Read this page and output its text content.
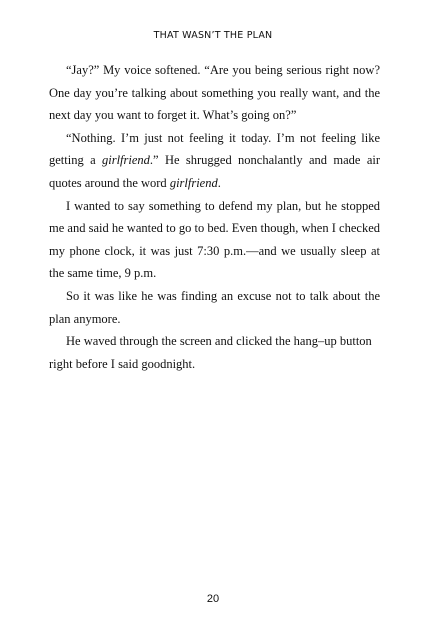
THAT WASN’T THE PLAN

“Jay?” My voice softened. “Are you being serious right now? One day you’re talking about something you really want, and the next day you want to forget it. What’s going on?”

“Nothing. I’m just not feeling it today. I’m not feeling like getting a girlfriend.” He shrugged nonchalantly and made air quotes around the word girlfriend.

I wanted to say something to defend my plan, but he stopped me and said he wanted to go to bed. Even though, when I checked my phone clock, it was just 7:30 p.m.—and we usually sleep at the same time, 9 p.m.

So it was like he was finding an excuse not to talk about the plan anymore.

He waved through the screen and clicked the hang–up button right before I said goodnight.

20
